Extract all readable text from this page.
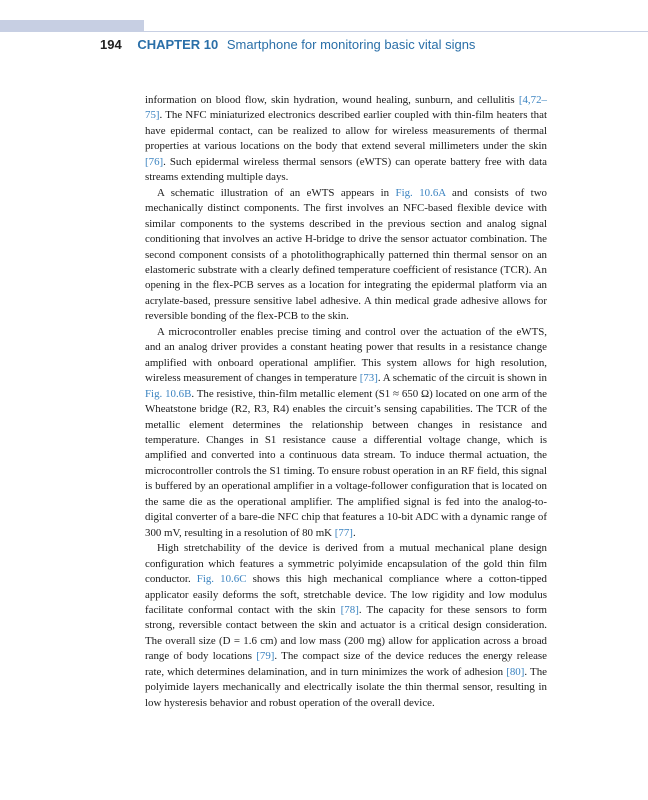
194 CHAPTER 10 Smartphone for monitoring basic vital signs

information on blood flow, skin hydration, wound healing, sunburn, and cellulitis [4,72–75]. The NFC miniaturized electronics described earlier coupled with thin-film heaters that have epidermal contact, can be realized to allow for wireless measurements of thermal properties at various locations on the body that extend several millimeters under the skin [76]. Such epidermal wireless thermal sensors (eWTS) can operate battery free with data streams extending multiple days.

A schematic illustration of an eWTS appears in Fig. 10.6A and consists of two mechanically distinct components. The first involves an NFC-based flexible device with similar components to the systems described in the previous section and analog signal conditioning that involves an active H-bridge to drive the sensor actuator combination. The second component consists of a photolithographically patterned thin thermal sensor on an elastomeric substrate with a clearly defined temperature coefficient of resistance (TCR). An opening in the flex-PCB serves as a location for integrating the epidermal platform via an acrylate-based, pressure sensitive label adhesive. A thin medical grade adhesive allows for reversible bonding of the flex-PCB to the skin.

A microcontroller enables precise timing and control over the actuation of the eWTS, and an analog driver provides a constant heating power that results in a resistance change amplified with onboard operational amplifier. This system allows for high resolution, wireless measurement of changes in temperature [73]. A schematic of the circuit is shown in Fig. 10.6B. The resistive, thin-film metallic element (S1 ≈ 650 Ω) located on one arm of the Wheatstone bridge (R2, R3, R4) enables the circuit’s sensing capabilities. The TCR of the metallic element determines the relationship between changes in resistance and temperature. Changes in S1 resistance cause a differential voltage change, which is amplified and converted into a continuous data stream. To induce thermal actuation, the microcontroller controls the S1 timing. To ensure robust operation in an RF field, this signal is buffered by an operational amplifier in a voltage-follower configuration that is located on the same die as the operational amplifier. The amplified signal is fed into the analog-to-digital converter of a bare-die NFC chip that features a 10-bit ADC with a dynamic range of 300 mV, resulting in a resolution of 80 mK [77].

High stretchability of the device is derived from a mutual mechanical plane design configuration which features a symmetric polyimide encapsulation of the gold thin film conductor. Fig. 10.6C shows this high mechanical compliance where a cotton-tipped applicator easily deforms the soft, stretchable device. The low rigidity and low modulus facilitate conformal contact with the skin [78]. The capacity for these sensors to form strong, reversible contact between the skin and actuator is a critical design consideration. The overall size (D = 1.6 cm) and low mass (200 mg) allow for application across a broad range of body locations [79]. The compact size of the device reduces the energy release rate, which determines delamination, and in turn minimizes the work of adhesion [80]. The polyimide layers mechanically and electrically isolate the thin thermal sensor, resulting in low hysteresis behavior and robust operation of the overall device.
